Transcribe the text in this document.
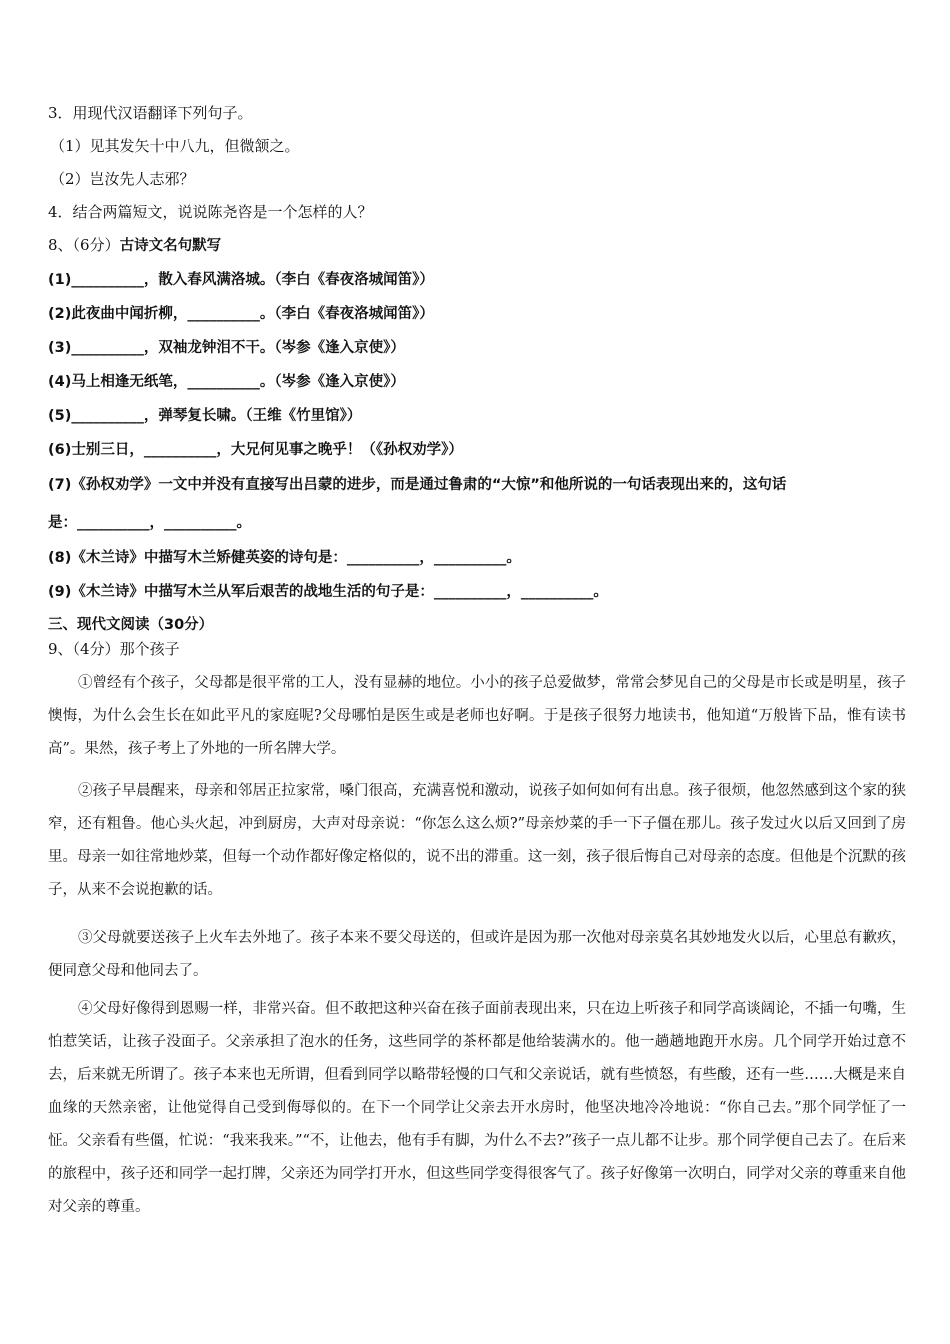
3．用现代汉语翻译下列句子。
（1）见其发矢十中八九，但微颔之。
（2）岂汝先人志邪？
4．结合两篇短文，说说陈尧咨是一个怎样的人？
8、（6分）古诗文名句默写
(1)__________，散入春风满洛城。（李白《春夜洛城闻笛》）
(2)此夜曲中闻折柳，__________。（李白《春夜洛城闻笛》）
(3)__________，双袖龙钟泪不干。（岑参《逢入京使》）
(4)马上相逢无纸笔，__________。（岑参《逢入京使》）
(5)__________，弹琴复长啸。（王维《竹里馆》）
(6)士别三日，__________，大兄何见事之晚乎！（《孙权劝学》）
(7)《孙权劝学》一文中并没有直接写出吕蒙的进步，而是通过鲁肃的“大惊”和他所说的一句话表现出来的，这句话
是：__________，__________。
(8)《木兰诗》中描写木兰矫健英姿的诗句是：__________，__________。
(9)《木兰诗》中描写木兰从军后艰苦的战地生活的句子是：__________，__________。
三、现代文阅读（30分）
9、（4分）那个孩子
①曾经有个孩子，父母都是很平常的工人，没有显赫的地位。小小的孩子总爱做梦，常常会梦见自己的父母是市长或是明星，孩子懊悔，为什么会生长在如此平凡的家庭呢?父母哪怕是医生或是老师也好啊。于是孩子很努力地读书，他知道“万般皆下品，惟有读书高”。果然，孩子考上了外地的一所名牌大学。
②孩子早晨醒来，母亲和邻居正拉家常，嗓门很高，充满喜悦和激动，说孩子如何如何有出息。孩子很烦，他忽然感到这个家的狭窄，还有粗鲁。他心头火起，冲到厨房，大声对母亲说：“你怎么这么烦?”母亲炒菜的手一下子僵在那儿。孩子发过火以后又回到了房里。母亲一如往常地炒菜，但每一个动作都好像定格似的，说不出的滞重。这一刻，孩子很后悔自己对母亲的态度。但他是个沉默的孩子，从来不会说抱歉的话。
③父母就要送孩子上火车去外地了。孩子本来不要父母送的，但或许是因为那一次他对母亲莫名其妙地发火以后，心里总有歉疚，便同意父母和他同去了。
④父母好像得到恩赐一样，非常兴奋。但不敢把这种兴奋在孩子面前表现出来，只在边上听孩子和同学高谈阔论，不插一句嘴，生怕惹笑话，让孩子没面子。父亲承担了泡水的任务，这些同学的茶杯都是他给装满水的。他一趟趟地跑开水房。几个同学开始过意不去，后来就无所谓了。孩子本来也无所谓，但看到同学以略带轻慢的口气和父亲说话，就有些愤怒，有些酸，还有一些……大概是来自血缘的天然亲密，让他觉得自己受到侮辱似的。在下一个同学让父亲去开水房时，他坚决地冷冷地说：“你自己去。”那个同学怔了一怔。父亲看有些僵，忙说：“我来我来。”“不，让他去，他有手有脚，为什么不去?”孩子一点儿都不让步。那个同学便自己去了。在后来的旅程中，孩子还和同学一起打牌，父亲还为同学打开水，但这些同学变得很客气了。孩子好像第一次明白，同学对父亲的尊重来自他对父亲的尊重。
